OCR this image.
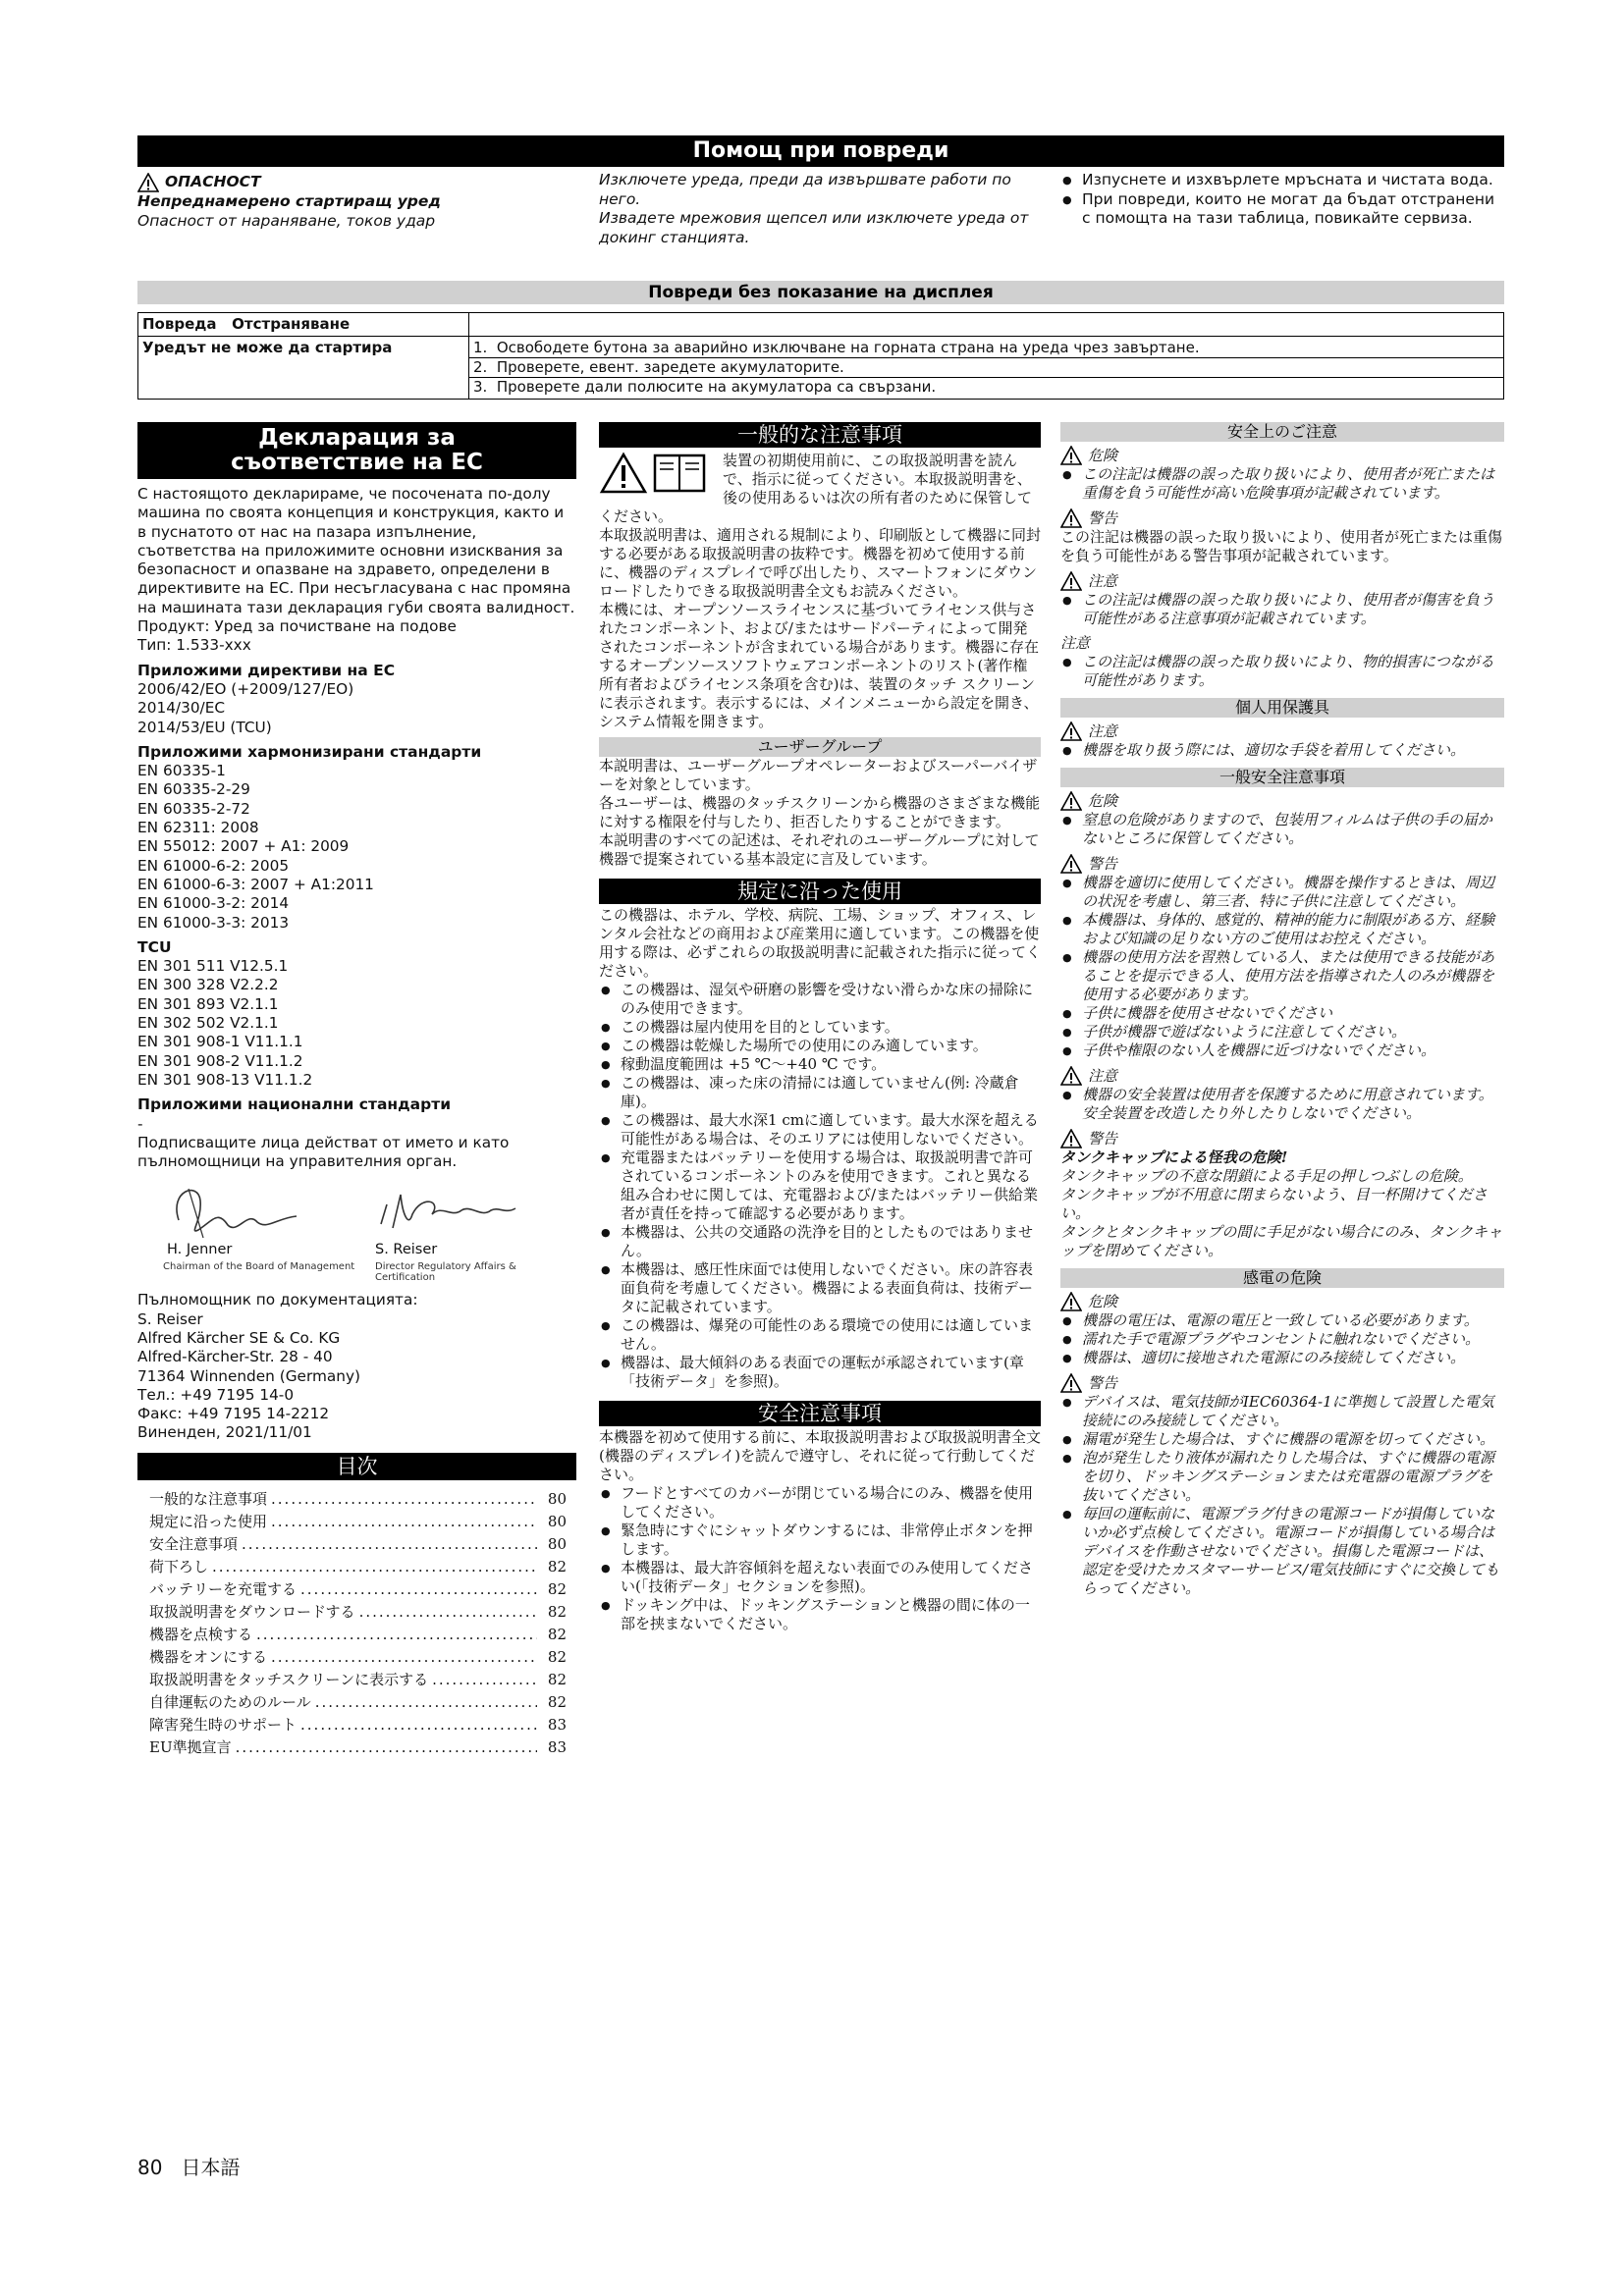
Помощ при повреди
ОПАСНОСТ
Непреднамерено стартиращ уред
Опасност от нараняване, токов удар
Изключете уреда, преди да извършвате работи по него.
Извадете мрежовия щепсел или изключете уреда от докинг станцията.
● Изпуснете и изхвърлете мръсната и чистата вода.
● При повреди, които не могат да бъдат отстранени с помощта на тази таблица, повикайте сервиза.
Повреди без показание на дисплея
Повреда Отстраняване	
Уредът не може да стартира	1.  Освободете бутона за аварийно изключване на горната страна на уреда чрез завъртане.
2.  Проверете, евент. заредете акумулаторите.
3.  Проверете дали полюсите на акумулатора са свързани.
Декларация за съответствие на ЕС
С настоящото декларираме, че посочената по-долу машина по своята концепция и конструкция, както и в пуснатото от нас на пазара изпълнение, съответства на приложимите основни изисквания за безопасност и опазване на здравето, определени в директивите на ЕС. При несъгласувана с нас промяна на машината тази декларация губи своята валидност.
Продукт: Уред за почистване на подове
Тип: 1.533-xxx
Приложими директиви на ЕС
2006/42/EO (+2009/127/EO)
2014/30/EC
2014/53/EU (TCU)
Приложими хармонизирани стандарти
EN 60335-1
EN 60335-2-29
EN 60335-2-72
EN 62311: 2008
EN 55012: 2007 + A1: 2009
EN 61000-6-2: 2005
EN 61000-6-3: 2007 + A1:2011
EN 61000-3-2: 2014
EN 61000-3-3: 2013
TCU
EN 301 511 V12.5.1
EN 300 328 V2.2.2
EN 301 893 V2.1.1
EN 302 502 V2.1.1
EN 301 908-1 V11.1.1
EN 301 908-2 V11.1.2
EN 301 908-13 V11.1.2
Приложими национални стандарти
-
Подписващите лица действат от името и като пълномощници на управителния орган.
H. Jenner
Chairman of the Board of Management
S. Reiser
Director Regulatory Affairs & Certification
Пълномощник по документацията:
S. Reiser
Alfred Kärcher SE & Co. KG
Alfred-Kärcher-Str. 28 - 40
71364 Winnenden (Germany)
Тел.: +49 7195 14-0
Факс: +49 7195 14-2212
Виненден, 2021/11/01
目次
一般的な注意事項 .....	80
規定に沿った使用 .....	80
安全注意事項 .....	80
荷下ろし .....	82
バッテリーを充電する .....	82
取扱説明書をダウンロードする .....	82
機器を点検する .....	82
機器をオンにする .....	82
取扱説明書をタッチスクリーンに表示する .....	82
自律運転のためのルール .....	82
障害発生時のサポート .....	83
EU準拠宣言 .....	83
一般的な注意事項
装置の初期使用前に、この取扱説明書を読んで、指示に従ってください。本取扱説明書を、後の使用あるいは次の所有者のために保管してください。
本取扱説明書は、適用される規制により、印刷版として機器に同封する必要がある取扱説明書の抜粋です。機器を初めて使用する前に、機器のディスプレイで呼び出したり、スマートフォンにダウンロードしたりできる取扱説明書全文もお読みください。
本機には、オープンソースライセンスに基づいてライセンス供与されたコンポーネント、および/またはサードパーティによって開発されたコンポーネントが含まれている場合があります。機器に存在するオープンソースソフトウェアコンポーネントのリスト(著作権所有者およびライセンス条項を含む)は、装置のタッチ スクリーンに表示されます。表示するには、メインメニューから設定を開き、システム情報を開きます。
ユーザーグループ
本説明書は、ユーザーグループオペレーターおよびスーパーバイザーを対象としています。
各ユーザーは、機器のタッチスクリーンから機器のさまざまな機能に対する権限を付与したり、拒否したりすることができます。
本説明書のすべての記述は、それぞれのユーザーグループに対して機器で提案されている基本設定に言及しています。
規定に沿った使用
この機器は、ホテル、学校、病院、工場、ショップ、オフィス、レンタル会社などの商用および産業用に適しています。この機器を使用する際は、必ずこれらの取扱説明書に記載された指示に従ってください。
● この機器は、湿気や研磨の影響を受けない滑らかな床の掃除にのみ使用できます。
● この機器は屋内使用を目的としています。
● この機器は乾燥した場所での使用にのみ適しています。
● 稼動温度範囲は +5 ℃～+40 ℃ です。
● この機器は、凍った床の清掃には適していません(例: 冷蔵倉庫)。
● この機器は、最大水深1 cmに適しています。最大水深を超える可能性がある場合は、そのエリアには使用しないでください。
● 充電器またはバッテリーを使用する場合は、取扱説明書で許可されているコンポーネントのみを使用できます。これと異なる組み合わせに関しては、充電器および/またはバッテリー供給業者が責任を持って確認する必要があります。
● 本機器は、公共の交通路の洗浄を目的としたものではありません。
● 本機器は、感圧性床面では使用しないでください。床の許容表面負荷を考慮してください。機器による表面負荷は、技術データに記載されています。
● この機器は、爆発の可能性のある環境での使用には適していません。
● 機器は、最大傾斜のある表面での運転が承認されています(章「技術データ」を参照)。
安全注意事項
本機器を初めて使用する前に、本取扱説明書および取扱説明書全文(機器のディスプレイ)を読んで遵守し、それに従って行動してください。
● フードとすべてのカバーが閉じている場合にのみ、機器を使用してください。
● 緊急時にすぐにシャットダウンするには、非常停止ボタンを押します。
● 本機器は、最大許容傾斜を超えない表面でのみ使用してください(「技術データ」セクションを参照)。
● ドッキング中は、ドッキングステーションと機器の間に体の一部を挟まないでください。
安全上のご注意
危険
● この注記は機器の誤った取り扱いにより、使用者が死亡または重傷を負う可能性が高い危険事項が記載されています。
警告
この注記は機器の誤った取り扱いにより、使用者が死亡または重傷を負う可能性がある警告事項が記載されています。
注意
● この注記は機器の誤った取り扱いにより、使用者が傷害を負う可能性がある注意事項が記載されています。
注意
● この注記は機器の誤った取り扱いにより、物的損害につながる可能性があります。
個人用保護具
注意
● 機器を取り扱う際には、適切な手袋を着用してください。
一般安全注意事項
危険
● 窒息の危険がありますので、包装用フィルムは子供の手の届かないところに保管してください。
警告
● 機器を適切に使用してください。機器を操作するときは、周辺の状況を考慮し、第三者、特に子供に注意してください。
● 本機器は、身体的、感覚的、精神的能力に制限がある方、経験および知識の足りない方のご使用はお控えください。
● 機器の使用方法を習熟している人、または使用できる技能があることを提示できる人、使用方法を指導された人のみが機器を使用する必要があります。
● 子供に機器を使用させないでください
● 子供が機器で遊ばないように注意してください。
● 子供や権限のない人を機器に近づけないでください。
注意
● 機器の安全装置は使用者を保護するために用意されています。安全装置を改造したり外したりしないでください。
警告
タンクキャップによる怪我の危険!
タンクキャップの不意な閉鎖による手足の押しつぶしの危険。
タンクキャップが不用意に閉まらないよう、目一杯開けてください。
タンクとタンクキャップの間に手足がない場合にのみ、タンクキャップを閉めてください。
感電の危険
危険
● 機器の電圧は、電源の電圧と一致している必要があります。
● 濡れた手で電源プラグやコンセントに触れないでください。
● 機器は、適切に接地された電源にのみ接続してください。
警告
● デバイスは、電気技師がIEC60364-1に準拠して設置した電気接続にのみ接続してください。
● 漏電が発生した場合は、すぐに機器の電源を切ってください。
● 泡が発生したり液体が漏れたりした場合は、すぐに機器の電源を切り、ドッキングステーションまたは充電器の電源プラグを抜いてください。
● 毎回の運転前に、電源プラグ付きの電源コードが損傷していないか必ず点検してください。電源コードが損傷している場合はデバイスを作動させないでください。損傷した電源コードは、認定を受けたカスタマーサービス/電気技師にすぐに交換してもらってください。
80 日本語
